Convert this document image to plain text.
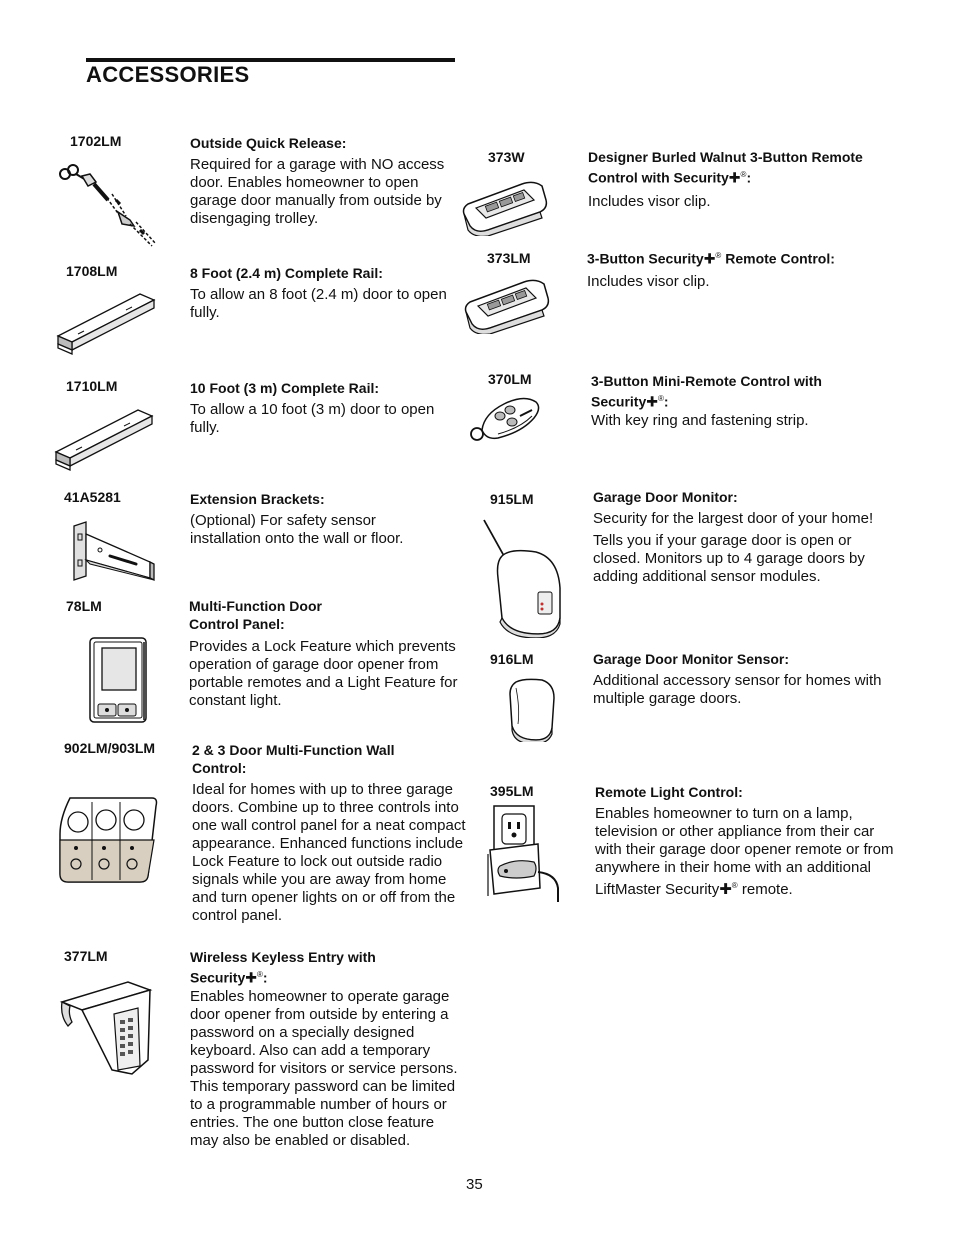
ACCESSORIES
1702LM	Outside Quick Release:
Required for a garage with NO access door. Enables homeowner to open garage door manually from outside by disengaging trolley.
1708LM	8 Foot (2.4 m) Complete Rail:
To allow an 8 foot (2.4 m) door to open fully.
1710LM	10 Foot (3 m) Complete Rail:
To allow a 10 foot (3 m) door to open fully.
41A5281	Extension Brackets:
(Optional) For safety sensor installation onto the wall or floor.
78LM	Multi-Function Door Control Panel:
Provides a Lock Feature which prevents operation of garage door opener from portable remotes and a Light Feature for constant light.
902LM/903LM	2 & 3 Door Multi-Function Wall Control:
Ideal for homes with up to three garage doors. Combine up to three controls into one wall control panel for a neat compact appearance. Enhanced functions include Lock Feature to lock out outside radio signals while you are away from home and turn opener lights on or off from the control panel.
377LM	Wireless Keyless Entry with Security✚®:
Enables homeowner to operate garage door opener from outside by entering a password on a specially designed keyboard. Also can add a temporary password for visitors or service persons. This temporary password can be limited to a programmable number of hours or entries. The one button close feature may also be enabled or disabled.
373W	Designer Burled Walnut 3-Button Remote Control with Security✚®:
Includes visor clip.
373LM	3-Button Security✚® Remote Control:
Includes visor clip.
370LM	3-Button Mini-Remote Control with Security✚®:
With key ring and fastening strip.
915LM	Garage Door Monitor:
Security for the largest door of your home!
Tells you if your garage door is open or closed. Monitors up to 4 garage doors by adding additional sensor modules.
916LM	Garage Door Monitor Sensor:
Additional accessory sensor for homes with multiple garage doors.
395LM	Remote Light Control:
Enables homeowner to turn on a lamp, television or other appliance from their car with their garage door opener remote or from anywhere in their home with an additional LiftMaster Security✚® remote.
35
